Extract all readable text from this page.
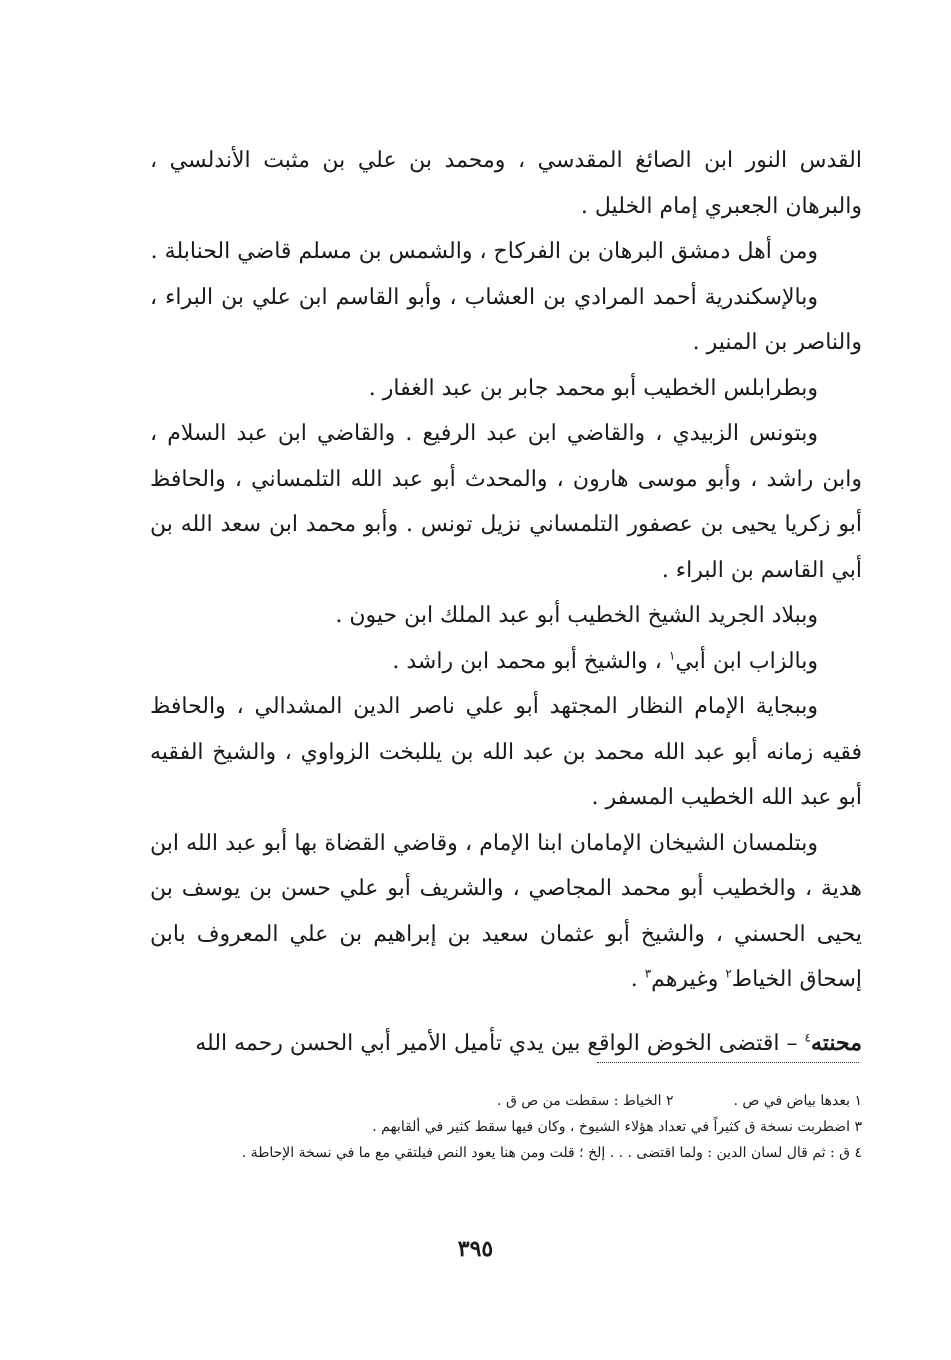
القدس النور ابن الصائغ المقدسي ، ومحمد بن علي بن مثبت الأندلسي ، والبرهان الجعبري إمام الخليل .

ومن أهل دمشق البرهان بن الفركاح ، والشمس بن مسلم قاضي الحنابلة .

وبالإسكندرية أحمد المرادي بن العشاب ، وأبو القاسم ابن علي بن البراء ، والناصر بن المنير .

وبطرابلس الخطيب أبو محمد جابر بن عبد الغفار .

وبتونس الزبيدي ، والقاضي ابن عبد الرفيع . والقاضي ابن عبد السلام ، وابن راشد ، وأبو موسى هارون ، والمحدث أبو عبد الله التلمساني ، والحافظ أبو زكريا يحيى بن عصفور التلمساني نزيل تونس . وأبو محمد ابن سعد الله بن أبي القاسم بن البراء .

وببلاد الجريد الشيخ الخطيب أبو عبد الملك ابن حيون .

وبالزاب ابن أبي$^١$ ، والشيخ أبو محمد ابن راشد .

وببجاية الإمام النظار المجتهد أبو علي ناصر الدين المشدالي ، والحافظ فقيه زمانه أبو عبد الله محمد بن عبد الله بن يللبخت الزواوي ، والشيخ الفقيه أبو عبد الله الخطيب المسفر .

وبتلمسان الشيخان الإمامان ابنا الإمام ، وقاضي القضاة بها أبو عبد الله ابن هدية ، والخطيب أبو محمد المجاصي ، والشريف أبو علي حسن بن يوسف بن يحيى الحسني ، والشيخ أبو عثمان سعيد بن إبراهيم بن علي المعروف بابن إسحاق الخياط$^٢$ وغيرهم$^٣$ .

محنته$^٤$ – اقتضى الخوض الواقع بين يدي تأميل الأمير أبي الحسن رحمه الله

١ بعدها بياض في ص .
٢ الخياط : سقطت من ص ق .

٣ اضطربت نسخة ق كثيراً في تعداد هؤلاء الشيوخ ، وكان فيها سقط كثير في ألقابهم .

٤ ق : ثم قال لسان الدين : ولما اقتضى . . . إلخ ؛ قلت ومن هنا يعود النص فيلتقي مع ما في نسخة الإحاطة .

٣٩٥
